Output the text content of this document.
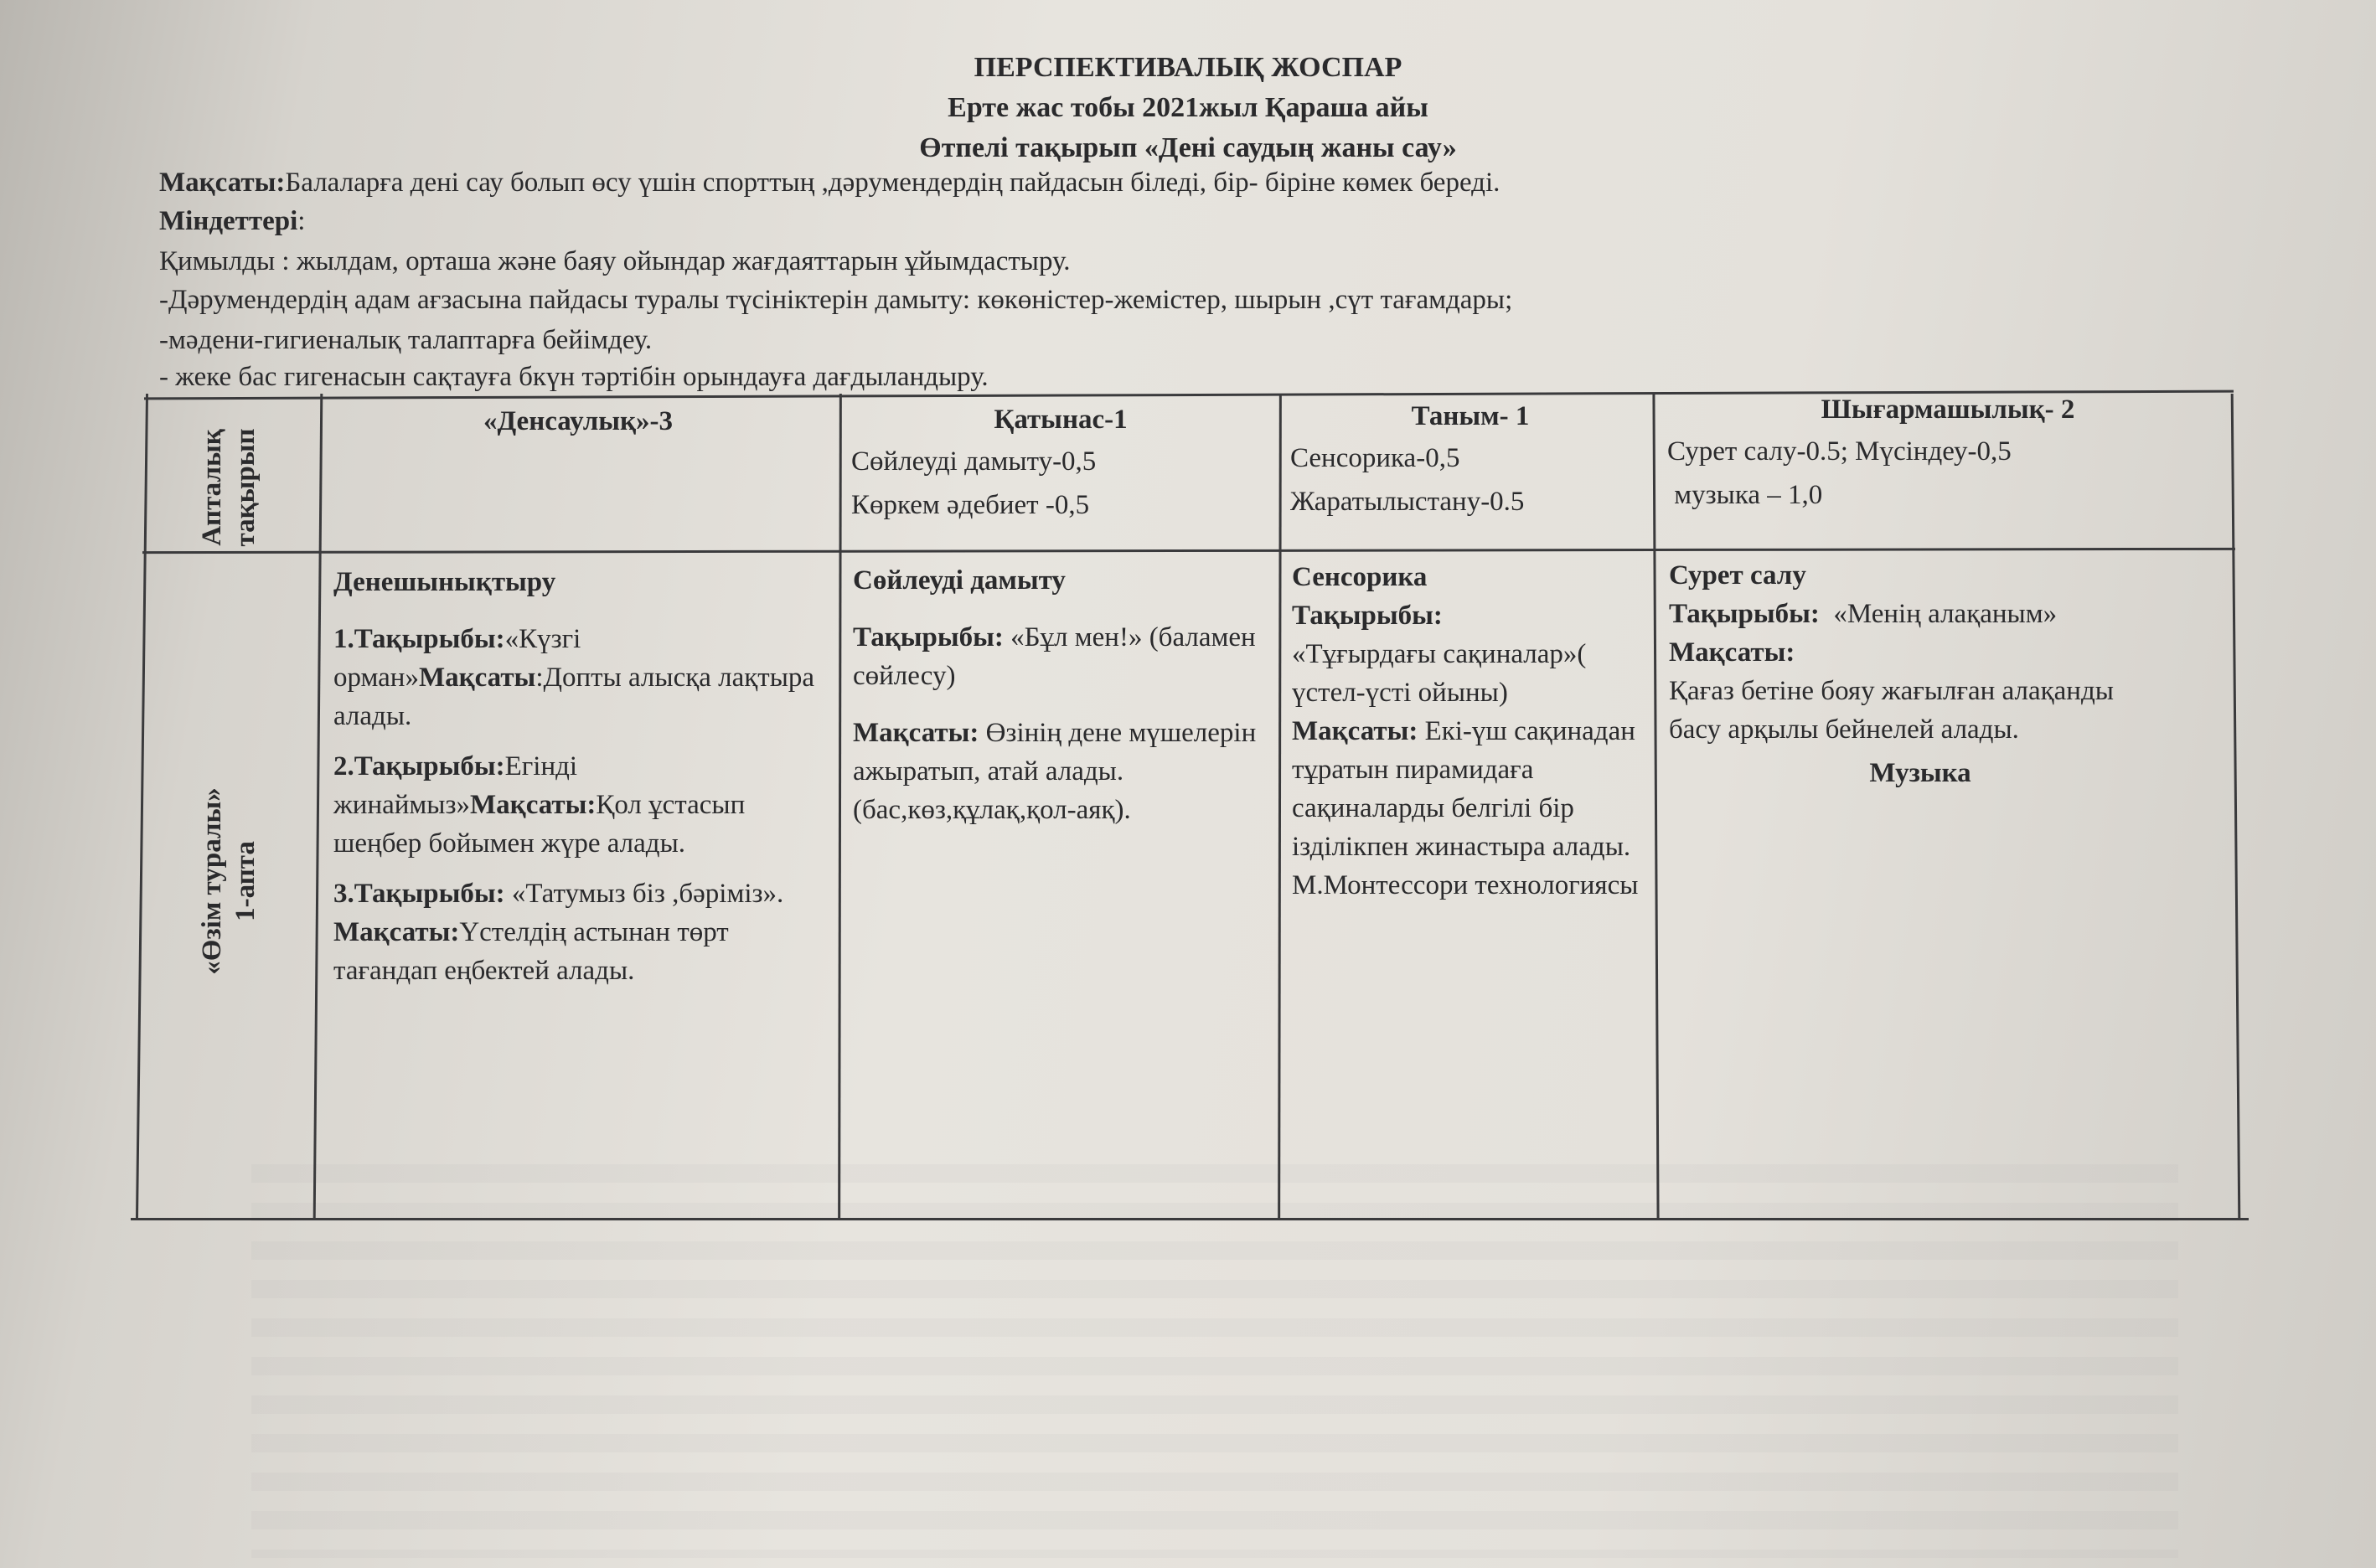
ПЕРСПЕКТИВАЛЫҚ ЖОСПАР
Ерте жас тобы 2021жыл Қараша айы
Өтпелі тақырып «Дені саудың жаны сау»
Мақсаты:Балаларға дені сау болып өсу үшін спорттың ,дәрумендердің пайдасын біледі, бір- біріне көмек береді.
Міндеттері:
Қимылды : жылдам, орташа және баяу ойындар жағдаяттарын ұйымдастыру.
-Дәрумендердің адам ағзасына пайдасы туралы түсініктерін дамыту: көкөністер-жемістер, шырын ,сүт тағамдары;
-мәдени-гигиеналық талаптарға бейімдеу.
- жеке бас гигенасын сақтауға бкүн тәртібін орындауға дағдыландыру.
Апталық тақырып
«Денсаулық»-3	Қатынас-1
Сөйлеуді дамыту-0,5
Көркем әдебиет -0,5
Таным- 1
Сенсорика-0,5
Жаратылыстану-0.5
Шығармашылық- 2
Сурет салу-0.5; Мүсіндеу-0,5
музыка – 1,0
«Өзім туралы» 1-апта

Денешынықтыру

1.Тақырыбы:«Күзгі орман»Мақсаты:Допты алысқа лақтыра алады.

2.Тақырыбы:Егінді жинаймыз»Мақсаты:Қол ұстасып шеңбер бойымен жүре алады.

3.Тақырыбы: «Татумыз біз ,бәріміз».
Мақсаты:Үстелдің астынан төрт тағандап еңбектей алады.

Сөйлеуді дамыту

Тақырыбы: «Бұл мен!» (баламен сөйлесу)

Мақсаты: Өзінің дене мүшелерін ажыратып, атай алады.(бас,көз,құлақ,қол-аяқ).

Сенсорика
Тақырыбы:
«Тұғырдағы сақиналар»( үстел-үсті ойыны)
Мақсаты: Екі-үш сақинадан тұратын пирамидаға сақиналарды белгілі бір ізділікпен жинастыра алады.
М.Монтессори технологиясы
Сурет салу
Тақырыбы:  «Менің алақаным»
Мақсаты:
Қағаз бетіне бояу жағылған алақанды басу арқылы бейнелей алады.
Музыка
